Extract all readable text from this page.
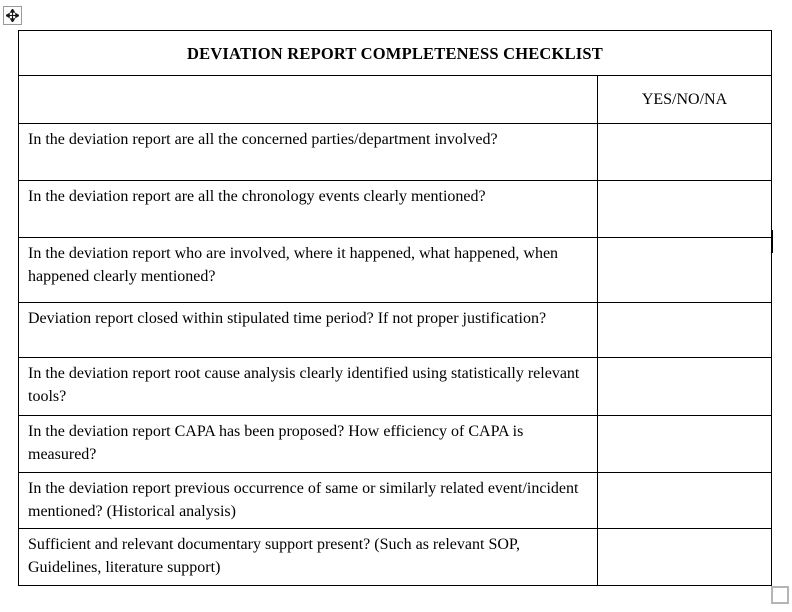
DEVIATION REPORT COMPLETENESS CHECKLIST	
	YES/NO/NA
In the deviation report are all the concerned parties/department involved?	
In the deviation report are all the chronology events clearly mentioned?	
In the deviation report who are involved, where it happened, what happened, when happened clearly mentioned?	
Deviation report closed within stipulated time period? If not proper justification?	
In the deviation report root cause analysis clearly identified using statistically relevant tools?	
In the deviation report CAPA has been proposed? How efficiency of CAPA is measured?	
In the deviation report previous occurrence of same or similarly related event/incident mentioned? (Historical analysis)	
Sufficient and relevant documentary support present? (Such as relevant SOP, Guidelines, literature support)	
